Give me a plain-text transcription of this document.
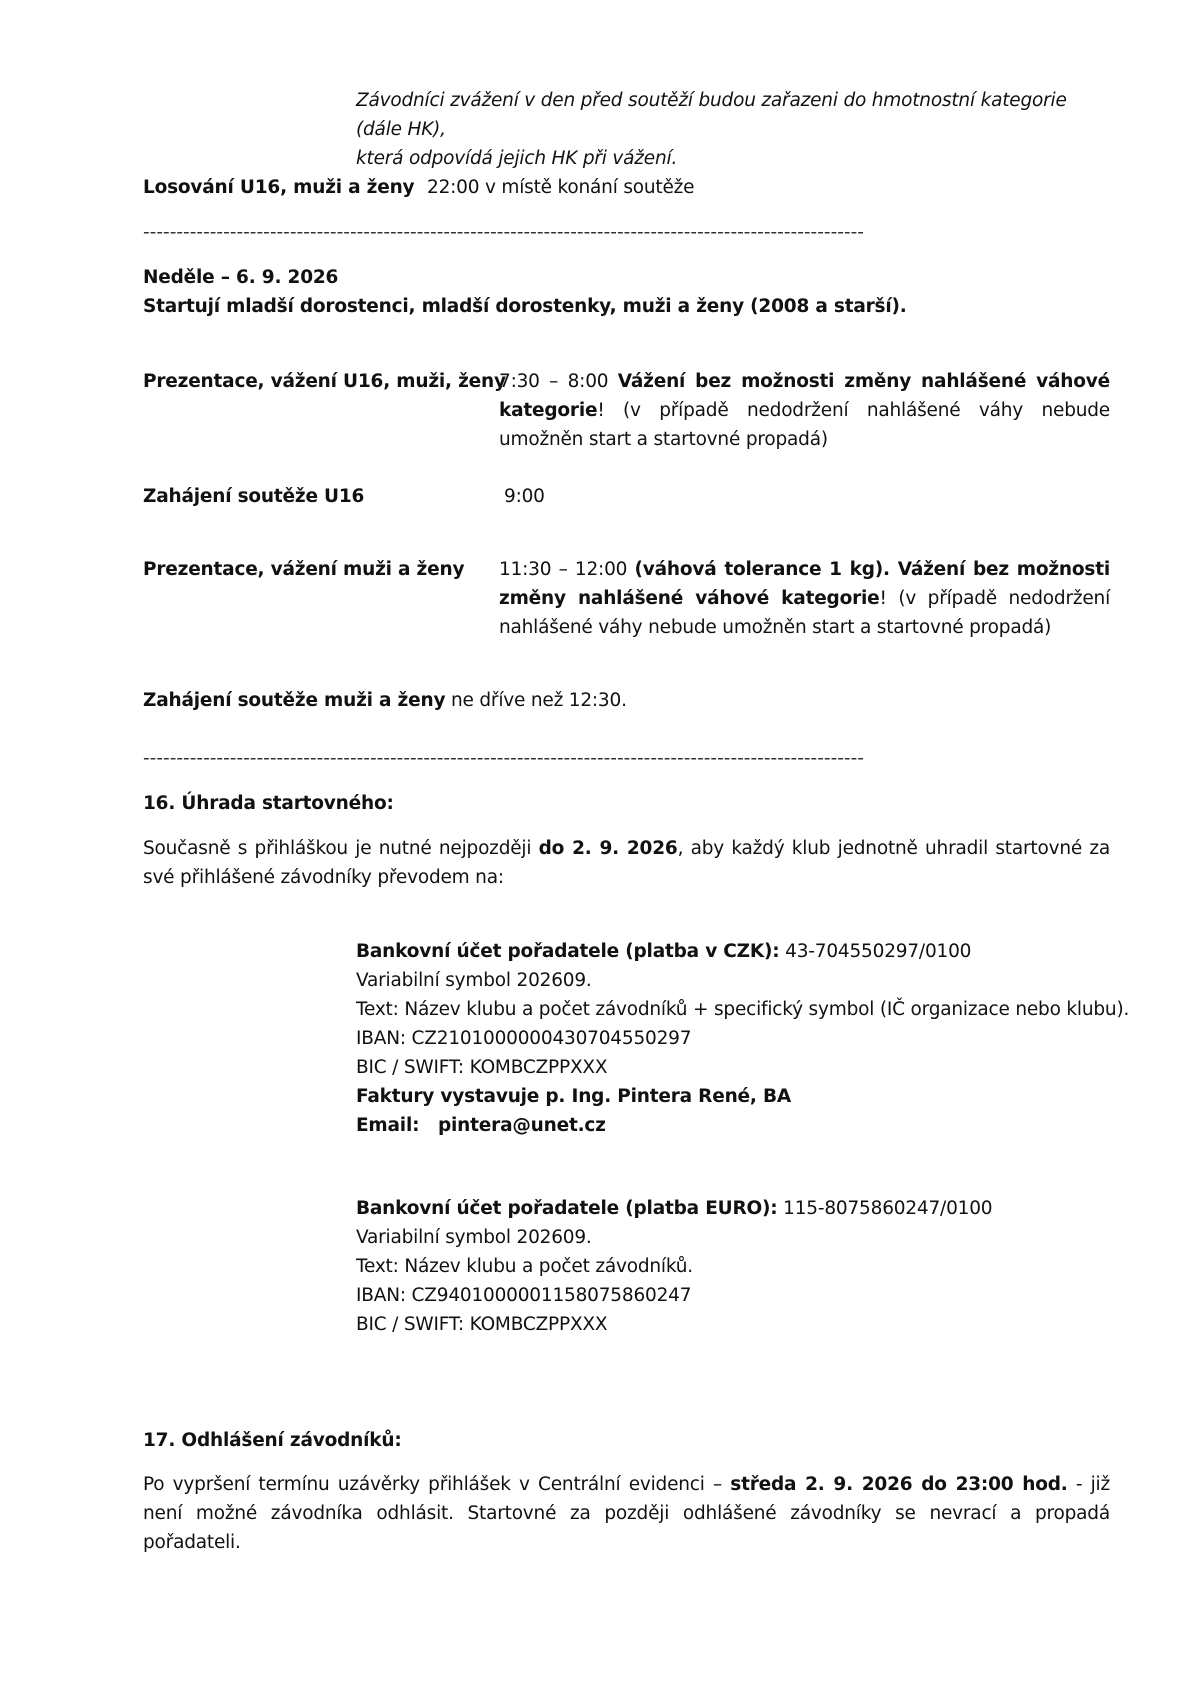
Závodníci zvážení v den před soutěží budou zařazeni do hmotnostní kategorie (dále HK),
která odpovídá jejich HK při vážení.
Losování U16, muži a ženy 22:00 v místě konání soutěže
------------------------------------------------------------------------------------------------------------
Neděle – 6. 9. 2026
Startují mladší dorostenci, mladší dorostenky, muži a ženy (2008 a starší).
Prezentace, vážení U16, muži, ženy
7:30 – 8:00 Vážení bez možnosti změny nahlášené váhové kategorie! (v případě nedodržení nahlášené váhy nebude umožněn start a startovné propadá)
Zahájení soutěže U16	9:00
Prezentace, vážení muži a ženy 11:30 – 12:00 (váhová tolerance 1 kg). Vážení bez možnosti změny nahlášené váhové kategorie! (v případě nedodržení nahlášené váhy nebude umožněn start a startovné propadá)
Zahájení soutěže muži a ženy ne dříve než 12:30.
------------------------------------------------------------------------------------------------------------
16. Úhrada startovného:
Současně s přihláškou je nutné nejpozději do 2. 9. 2026, aby každý klub jednotně uhradil startovné za své přihlášené závodníky převodem na:
Bankovní účet pořadatele (platba v CZK): 43-704550297/0100
Variabilní symbol 202609.
Text: Název klubu a počet závodníků + specifický symbol (IČ organizace nebo klubu).
IBAN: CZ2101000000430704550297
BIC / SWIFT: KOMBCZPPXXX
Faktury vystavuje p. Ing. Pintera René, BA
Email:   pintera@unet.cz
Bankovní účet pořadatele (platba EURO): 115-8075860247/0100
Variabilní symbol 202609.
Text: Název klubu a počet závodníků.
IBAN: CZ9401000001158075860247
BIC / SWIFT: KOMBCZPPXXX
17. Odhlášení závodníků:
Po vypršení termínu uzávěrky přihlášek v Centrální evidenci – středa 2. 9. 2026 do 23:00 hod. - již není možné závodníka odhlásit. Startovné za později odhlášené závodníky se nevrací a propadá pořadateli.
